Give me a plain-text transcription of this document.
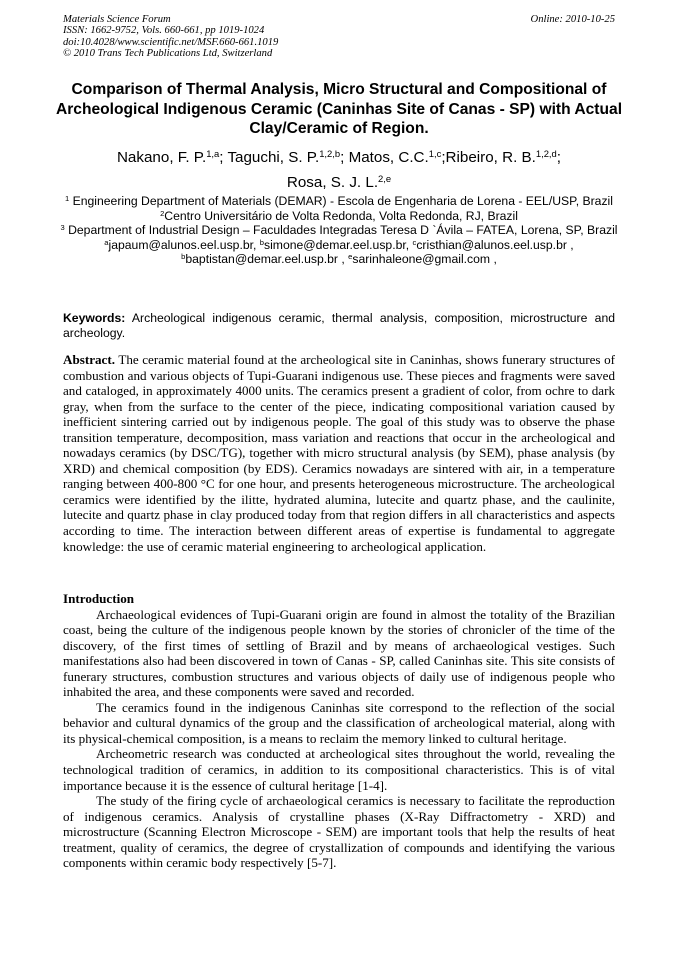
Materials Science Forum
ISSN: 1662-9752, Vols. 660-661, pp 1019-1024
doi:10.4028/www.scientific.net/MSF.660-661.1019
© 2010 Trans Tech Publications Ltd, Switzerland
Online: 2010-10-25
Comparison of Thermal Analysis, Micro Structural and Compositional of Archeological Indigenous Ceramic (Caninhas Site of Canas - SP) with Actual Clay/Ceramic of Region.
Nakano, F. P.$^{1,a}$; Taguchi, S. P.$^{1,2,b}$; Matos, C.C.$^{1,c}$;Ribeiro, R. B.$^{1,2,d}$;
Rosa, S. J. L.$^{2,e}$
$^1$ Engineering Department of Materials (DEMAR) - Escola de Engenharia de Lorena - EEL/USP, Brazil
$^2$Centro Universitário de Volta Redonda, Volta Redonda, RJ, Brazil
$^3$ Department of Industrial Design – Faculdades Integradas Teresa D `Ávila – FATEA, Lorena, SP, Brazil
$^a$japaum@alunos.eel.usp.br, $^b$simone@demar.eel.usp.br, $^c$cristhian@alunos.eel.usp.br ,
$^b$baptistan@demar.eel.usp.br , $^e$sarinhaleone@gmail.com ,
Keywords: Archeological indigenous ceramic, thermal analysis, composition, microstructure and archeology.
Abstract. The ceramic material found at the archeological site in Caninhas, shows funerary structures of combustion and various objects of Tupi-Guarani indigenous use. These pieces and fragments were saved and cataloged, in approximately 4000 units. The ceramics present a gradient of color, from ochre to dark gray, when from the surface to the center of the piece, indicating compositional variation caused by inefficient sintering carried out by indigenous people. The goal of this study was to observe the phase transition temperature, decomposition, mass variation and reactions that occur in the archeological and nowadays ceramics (by DSC/TG), together with micro structural analysis (by SEM), phase analysis (by XRD) and chemical composition (by EDS). Ceramics nowadays are sintered with air, in a temperature ranging between 400-800 °C for one hour, and presents heterogeneous microstructure. The archeological ceramics were identified by the ilitte, hydrated alumina, lutecite and quartz phase, and the caulinite, lutecite and quartz phase in clay produced today from that region differs in all characteristics and aspects according to time. The interaction between different areas of expertise is fundamental to aggregate knowledge: the use of ceramic material engineering to archeological application.
Introduction

Archaeological evidences of Tupi-Guarani origin are found in almost the totality of the Brazilian coast, being the culture of the indigenous people known by the stories of chronicler of the time of the discovery, of the first times of settling of Brazil and by means of archaeological vestiges. Such manifestations also had been discovered in town of Canas - SP, called Caninhas site. This site consists of funerary structures, combustion structures and various objects of daily use of indigenous people who inhabited the area, and these components were saved and recorded.

The ceramics found in the indigenous Caninhas site correspond to the reflection of the social behavior and cultural dynamics of the group and the classification of archeological material, along with its physical-chemical composition, is a means to reclaim the memory linked to cultural heritage.

Archeometric research was conducted at archeological sites throughout the world, revealing the technological tradition of ceramics, in addition to its compositional characteristics. This is of vital importance because it is the essence of cultural heritage [1-4].

The study of the firing cycle of archaeological ceramics is necessary to facilitate the reproduction of indigenous ceramics. Analysis of crystalline phases (X-Ray Diffractometry - XRD) and microstructure (Scanning Electron Microscope - SEM) are important tools that help the results of heat treatment, quality of ceramics, the degree of crystallization of compounds and identifying the various components within ceramic body respectively [5-7].
